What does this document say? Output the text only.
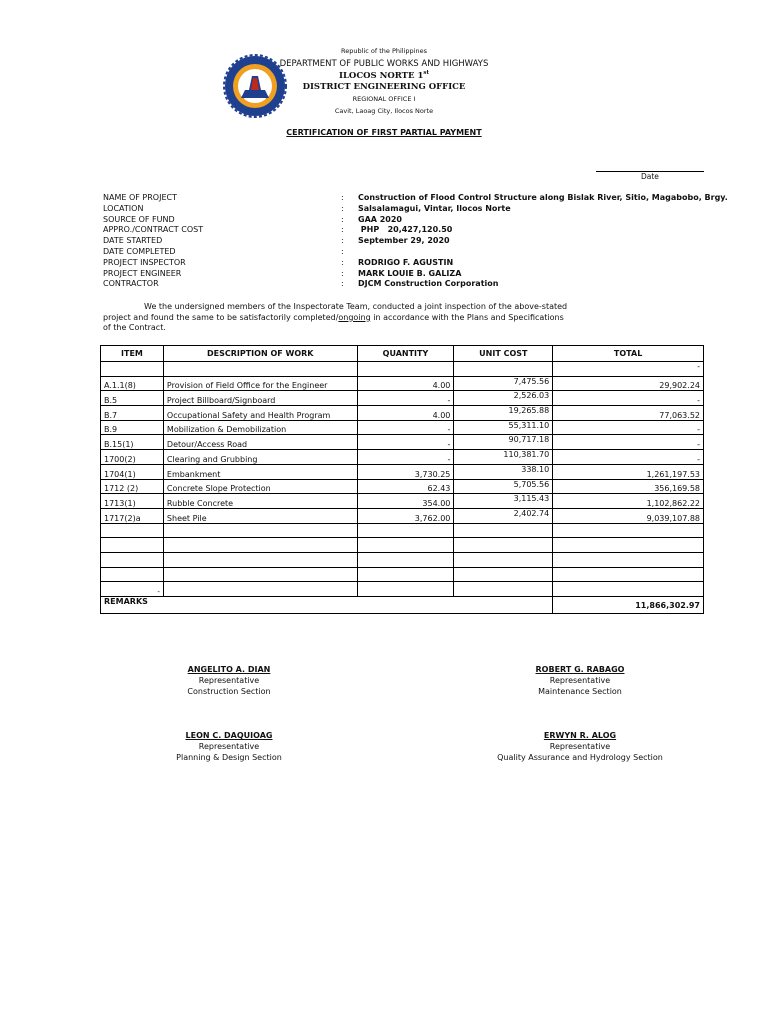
Republic of the Philippines
DEPARTMENT OF PUBLIC WORKS AND HIGHWAYS
ILOCOS NORTE 1st
DISTRICT ENGINEERING OFFICE
REGIONAL OFFICE I
Cavit, Laoag City, Ilocos Norte
CERTIFICATION OF FIRST PARTIAL PAYMENT
Date
NAME OF PROJECT	: Construction of Flood Control Structure along Bislak River, Sitio, Magabobo, Brgy.
LOCATION	: Salsalamagui, Vintar, Ilocos Norte
SOURCE OF FUND	: GAA 2020
APPRO./CONTRACT COST	: PHP   20,427,120.50
DATE STARTED	: September 29, 2020
DATE COMPLETED	:
PROJECT INSPECTOR	: RODRIGO F. AGUSTIN
PROJECT ENGINEER	: MARK LOUIE B. GALIZA
CONTRACTOR	: DJCM Construction Corporation
We the undersigned members of the Inspectorate Team, conducted a joint inspection of the above-stated
project and found the same to be satisfactorily completed/ongoing in accordance with the Plans and Specifications
of the Contract.
ITEM	DESCRIPTION OF WORK	QUANTITY	UNIT COST	TOTAL
				-
A.1.1(8)	Provision of Field Office for the Engineer	4.00	7,475.56	29,902.24
B.5	Project Billboard/Signboard	-	2,526.03	-
B.7	Occupational Safety and Health Program	4.00	19,265.88	77,063.52
B.9	Mobilization & Demobilization	-	55,311.10	-
B.15(1)	Detour/Access Road	-	90,717.18	-
1700(2)	Clearing and Grubbing	-	110,381.70	-
1704(1)	Embankment	3,730.25	338.10	1,261,197.53
1712 (2)	Concrete Slope Protection	62.43	5,705.56	356,169.58
1713(1)	Rubble Concrete	354.00	3,115.43	1,102,862.22
1717(2)a	Sheet Pile	3,762.00	2,402.74	9,039,107.88

-				
REMARKS				11,866,302.97
ANGELITO A. DIAN
Representative
Construction Section
ROBERT G. RABAGO
Representative
Maintenance Section
LEON C. DAQUIOAG
Representative
Planning & Design Section
ERWYN R. ALOG
Representative
Quality Assurance and Hydrology Section
